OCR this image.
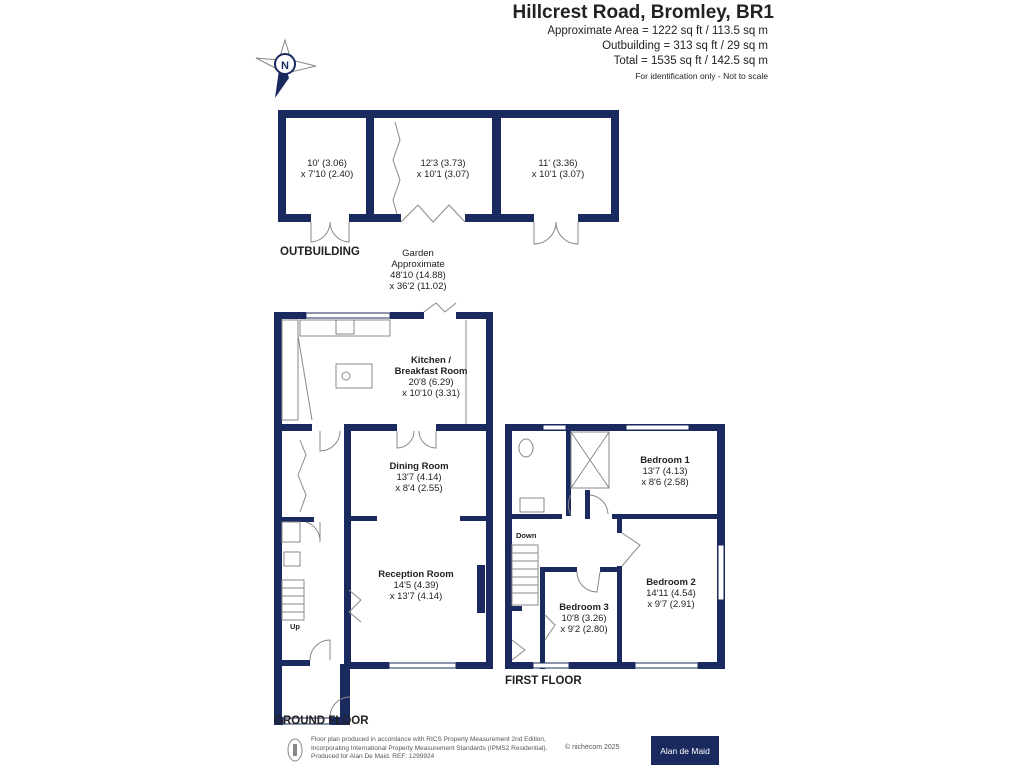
N
Hillcrest Road, Bromley, BR1
Approximate Area = 1222 sq ft / 113.5 sq m
Outbuilding = 313 sq ft / 29 sq m
Total = 1535 sq ft / 142.5 sq m
For identification only - Not to scale
10' (3.06)
x 7'10 (2.40)
12'3 (3.73)
x 10'1 (3.07)
11' (3.36)
x 10'1 (3.07)
OUTBUILDING	Garden
Approximate
48'10 (14.88)
x 36'2 (11.02)
Kitchen /
Breakfast Room
20'8 (6.29)
x 10'10 (3.31)
Dining Room
13'7 (4.14)
x 8'4 (2.55)
Reception Room
14'5 (4.39)
x 13'7 (4.14)
Up
GROUND FLOOR
Bedroom 1
13'7 (4.13)
x 8'6 (2.58)
Bedroom 2
14'11 (4.54)
x 9'7 (2.91)
Bedroom 3
10'8 (3.26)
x 9'2 (2.80)
Down
FIRST FLOOR
Floor plan produced in accordance with RICS Property Measurement 2nd Edition,
Incorporating International Property Measurement Standards (IPMS2 Residential).
Produced for Alan De Maid. REF: 1299924
© nichecom 2025	Alan de Maid
